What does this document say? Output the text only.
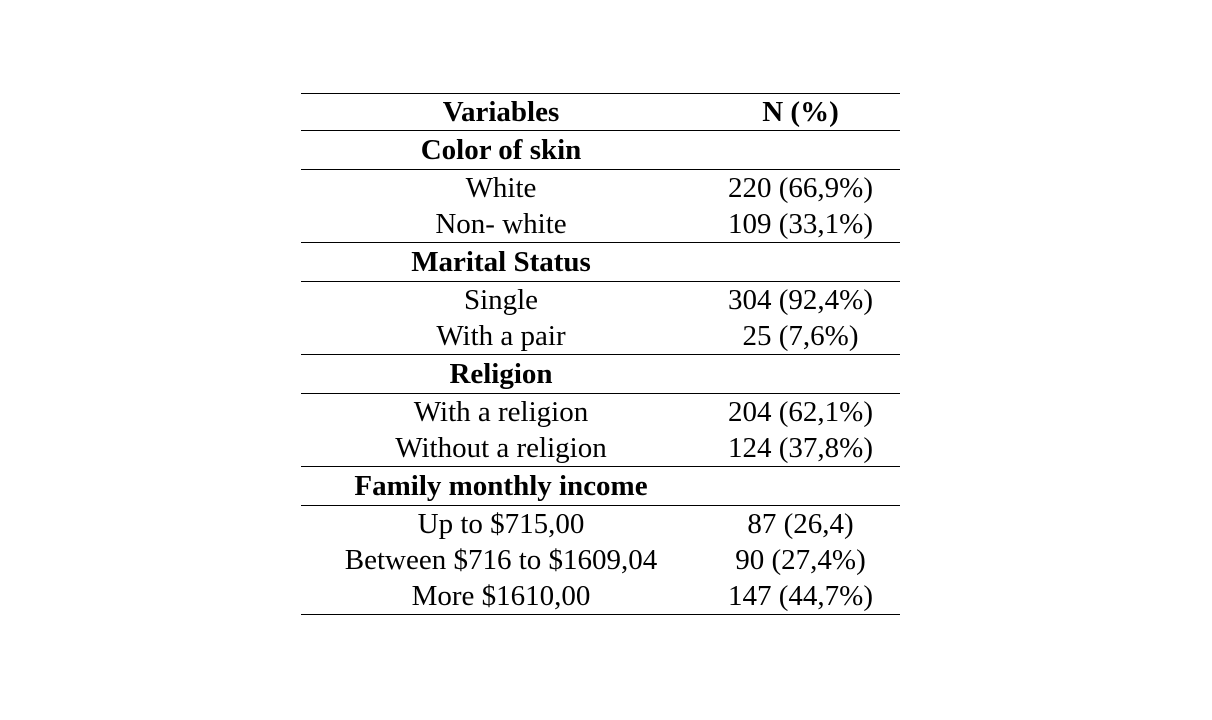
Variables	N (%)
Color of skin	
White	220 (66,9%)
Non- white	109 (33,1%)
Marital Status	
Single	304 (92,4%)
With a pair	25 (7,6%)
Religion	
With a religion	204 (62,1%)
Without a religion	124 (37,8%)
Family monthly income	
Up to $715,00	87 (26,4)
Between $716 to $1609,04	90 (27,4%)
More $1610,00	147 (44,7%)
